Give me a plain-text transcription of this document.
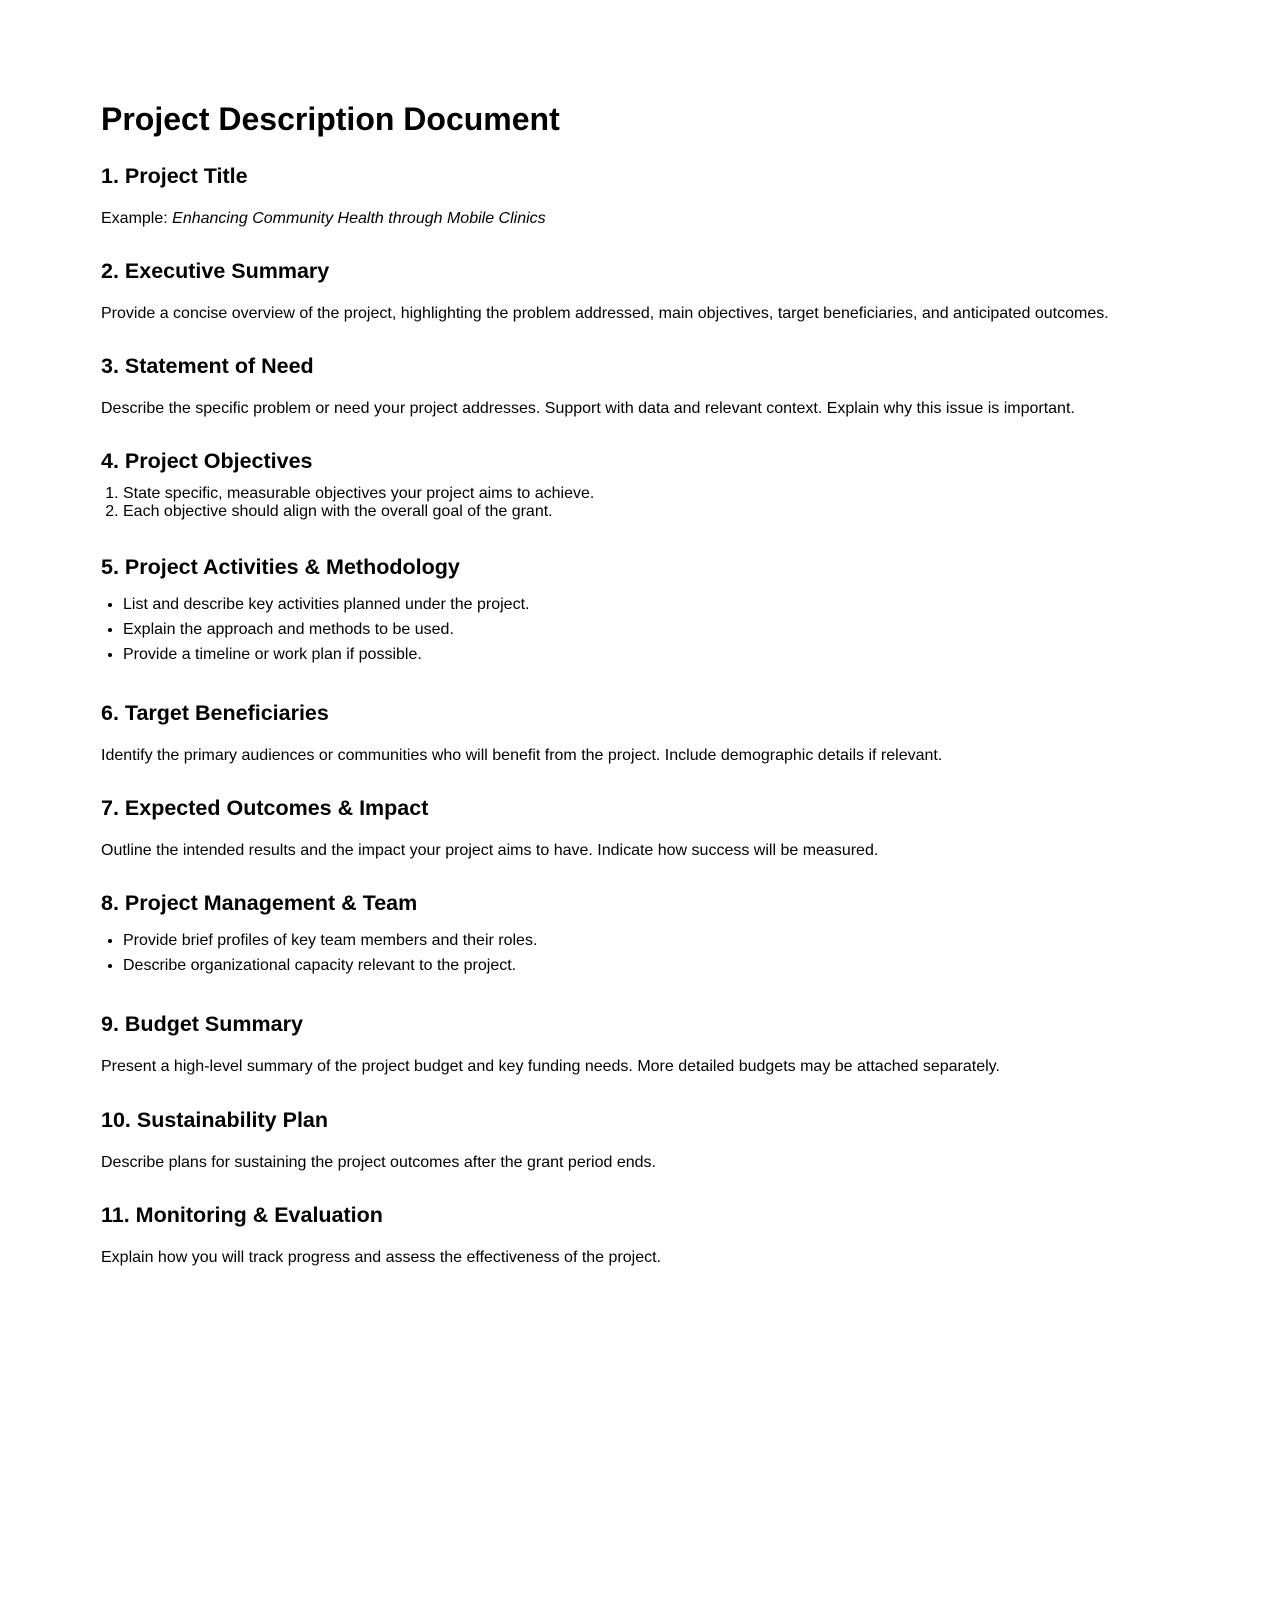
Project Description Document
1. Project Title

Example: Enhancing Community Health through Mobile Clinics

2. Executive Summary

Provide a concise overview of the project, highlighting the problem addressed, main objectives, target beneficiaries, and anticipated outcomes.

3. Statement of Need

Describe the specific problem or need your project addresses. Support with data and relevant context. Explain why this issue is important.

4. Project Objectives
1. State specific, measurable objectives your project aims to achieve.
2. Each objective should align with the overall goal of the grant.
5. Project Activities & Methodology
• List and describe key activities planned under the project.
• Explain the approach and methods to be used.
• Provide a timeline or work plan if possible.
6. Target Beneficiaries

Identify the primary audiences or communities who will benefit from the project. Include demographic details if relevant.

7. Expected Outcomes & Impact

Outline the intended results and the impact your project aims to have. Indicate how success will be measured.

8. Project Management & Team
• Provide brief profiles of key team members and their roles.
• Describe organizational capacity relevant to the project.
9. Budget Summary

Present a high-level summary of the project budget and key funding needs. More detailed budgets may be attached separately.

10. Sustainability Plan

Describe plans for sustaining the project outcomes after the grant period ends.

11. Monitoring & Evaluation

Explain how you will track progress and assess the effectiveness of the project.
